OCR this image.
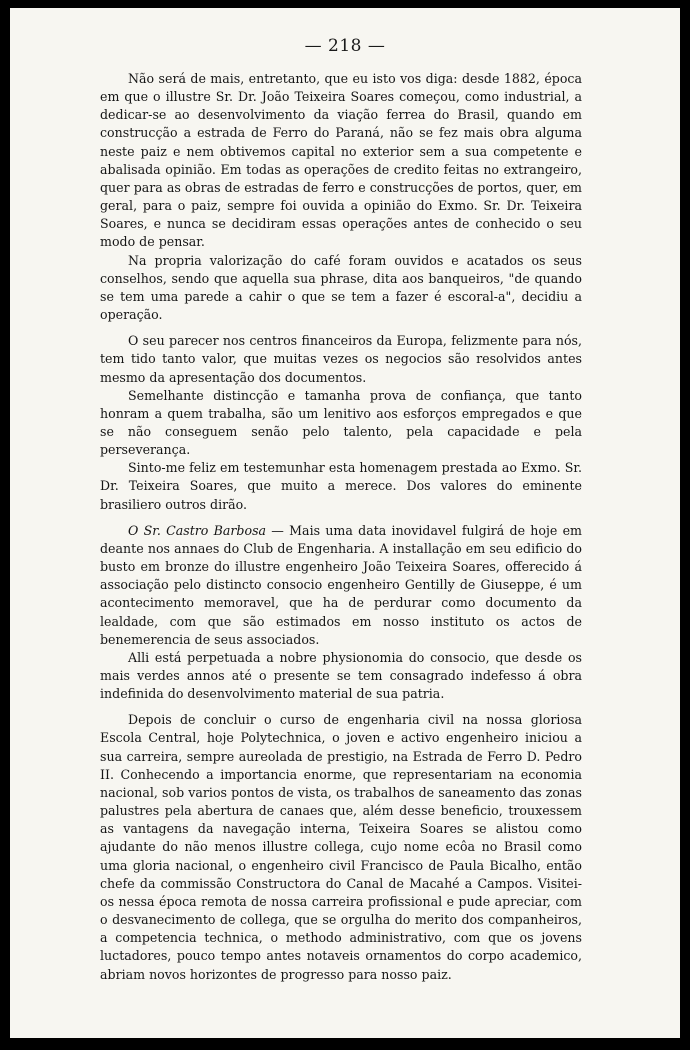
— 218 —

Não será de mais, entretanto, que eu isto vos diga: desde 1882, época em que o illustre Sr. Dr. João Teixeira Soares começou, como industrial, a dedicar-se ao desenvolvimento da viação ferrea do Brasil, quando em construcção a estrada de Ferro do Paraná, não se fez mais obra alguma neste paiz e nem obtivemos capital no exterior sem a sua competente e abalisada opinião. Em todas as operações de credito feitas no extrangeiro, quer para as obras de estradas de ferro e construcções de portos, quer, em geral, para o paiz, sempre foi ouvida a opinião do Exmo. Sr. Dr. Teixeira Soares, e nunca se decidiram essas operações antes de conhecido o seu modo de pensar.

Na propria valorização do café foram ouvidos e acatados os seus conselhos, sendo que aquella sua phrase, dita aos banqueiros, "de quando se tem uma parede a cahir o que se tem a fazer é escoral-a", decidiu a operação.

O seu parecer nos centros financeiros da Europa, felizmente para nós, tem tido tanto valor, que muitas vezes os negocios são resolvidos antes mesmo da apresentação dos documentos.

Semelhante distincção e tamanha prova de confiança, que tanto honram a quem trabalha, são um lenitivo aos esforços empregados e que se não conseguem senão pelo talento, pela capacidade e pela perseverança.

Sinto-me feliz em testemunhar esta homenagem prestada ao Exmo. Sr. Dr. Teixeira Soares, que muito a merece. Dos valores do eminente brasiliero outros dirão.

O Sr. Castro Barbosa — Mais uma data inovidavel fulgirá de hoje em deante nos annaes do Club de Engenharia. A installação em seu edificio do busto em bronze do illustre engenheiro João Teixeira Soares, offerecido á associação pelo distincto consocio engenheiro Gentilly de Giuseppe, é um acontecimento memoravel, que ha de perdurar como documento da lealdade, com que são estimados em nosso instituto os actos de benemerencia de seus associados.

Alli está perpetuada a nobre physionomia do consocio, que desde os mais verdes annos até o presente se tem consagrado indefesso á obra indefinida do desenvolvimento material de sua patria.

Depois de concluir o curso de engenharia civil na nossa gloriosa Escola Central, hoje Polytechnica, o joven e activo engenheiro iniciou a sua carreira, sempre aureolada de prestigio, na Estrada de Ferro D. Pedro II. Conhecendo a importancia enorme, que representariam na economia nacional, sob varios pontos de vista, os trabalhos de saneamento das zonas palustres pela abertura de canaes que, além desse beneficio, trouxessem as vantagens da navegação interna, Teixeira Soares se alistou como ajudante do não menos illustre collega, cujo nome ecôa no Brasil como uma gloria nacional, o engenheiro civil Francisco de Paula Bicalho, então chefe da commissão Constructora do Canal de Macahé a Campos. Visitei-os nessa época remota de nossa carreira profissional e pude apreciar, com o desvanecimento de collega, que se orgulha do merito dos companheiros, a competencia technica, o methodo administrativo, com que os jovens luctadores, pouco tempo antes notaveis ornamentos do corpo academico, abriam novos horizontes de progresso para nosso paiz.
